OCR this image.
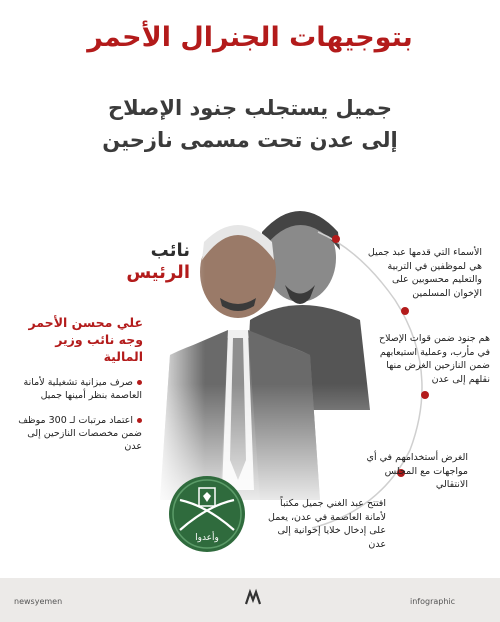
بتوجيهات الجنرال الأحمر
جميل يستجلب جنود الإصلاح
إلى عدن تحت مسمى نازحين
نائب
الرئيس
علي محسن الأحمر
وجه نائب وزير
المالية
صرف ميزانية تشغيلية لأمانة العاصمة بنظر أمينها جميل
اعتماد مرتبات لـ 300 موظف ضمن مخصصات النازحين إلى عدن
الأسماء التي قدمها عبد جميل هي لموظفين في التربية والتعليم محسوبين على الإخوان المسلمين
هم جنود ضمن قوات الإصلاح في مأرب، وعملية استيعابهم ضمن النازحين الغرض منها نقلهم إلى عدن
الغرض أستخدامهم في أي مواجهات مع المجلس الانتقالي
افتتح عبد الغني جميل مكتباً لأمانة العاصمة في عدن، يعمل على إدخال خلايا إخوانية إلى عدن
وأعدوا
newsyemen	infographic
